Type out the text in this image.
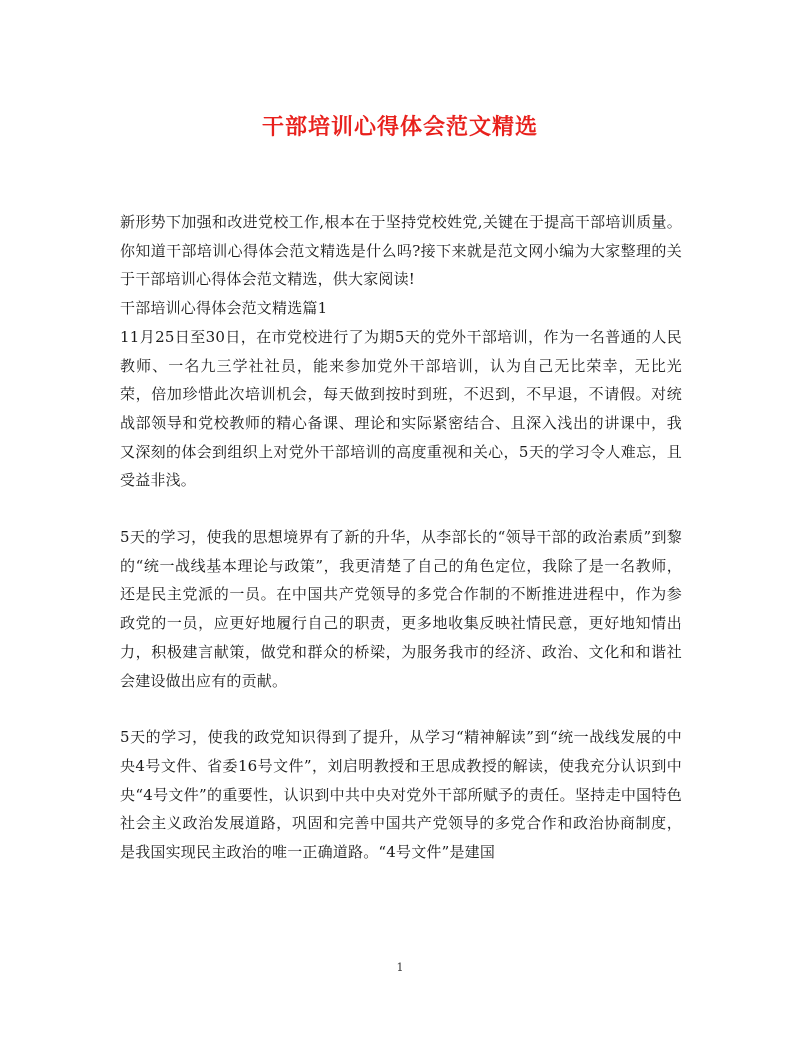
干部培训心得体会范文精选

新形势下加强和改进党校工作,根本在于坚持党校姓党,关键在于提高干部培训质量。你知道干部培训心得体会范文精选是什么吗?接下来就是范文网小编为大家整理的关于干部培训心得体会范文精选，供大家阅读!

干部培训心得体会范文精选篇1

11月25日至30日，在市党校进行了为期5天的党外干部培训，作为一名普通的人民教师、一名九三学社社员，能来参加党外干部培训，认为自己无比荣幸，无比光荣，倍加珍惜此次培训机会，每天做到按时到班，不迟到，不早退，不请假。对统战部领导和党校教师的精心备课、理论和实际紧密结合、且深入浅出的讲课中，我又深刻的体会到组织上对党外干部培训的高度重视和关心，5天的学习令人难忘，且受益非浅。

5天的学习，使我的思想境界有了新的升华，从李部长的“领导干部的政治素质”到黎的“统一战线基本理论与政策”，我更清楚了自己的角色定位，我除了是一名教师，还是民主党派的一员。在中国共产党领导的多党合作制的不断推进进程中，作为参政党的一员，应更好地履行自己的职责，更多地收集反映社情民意，更好地知情出力，积极建言献策，做党和群众的桥梁，为服务我市的经济、政治、文化和和谐社会建设做出应有的贡献。

5天的学习，使我的政党知识得到了提升，从学习“精神解读”到“统一战线发展的中央4号文件、省委16号文件”，刘启明教授和王思成教授的解读，使我充分认识到中央“4号文件”的重要性，认识到中共中央对党外干部所赋予的责任。坚持走中国特色社会主义政治发展道路，巩固和完善中国共产党领导的多党合作和政治协商制度，是我国实现民主政治的唯一正确道路。“4号文件”是建国

1
